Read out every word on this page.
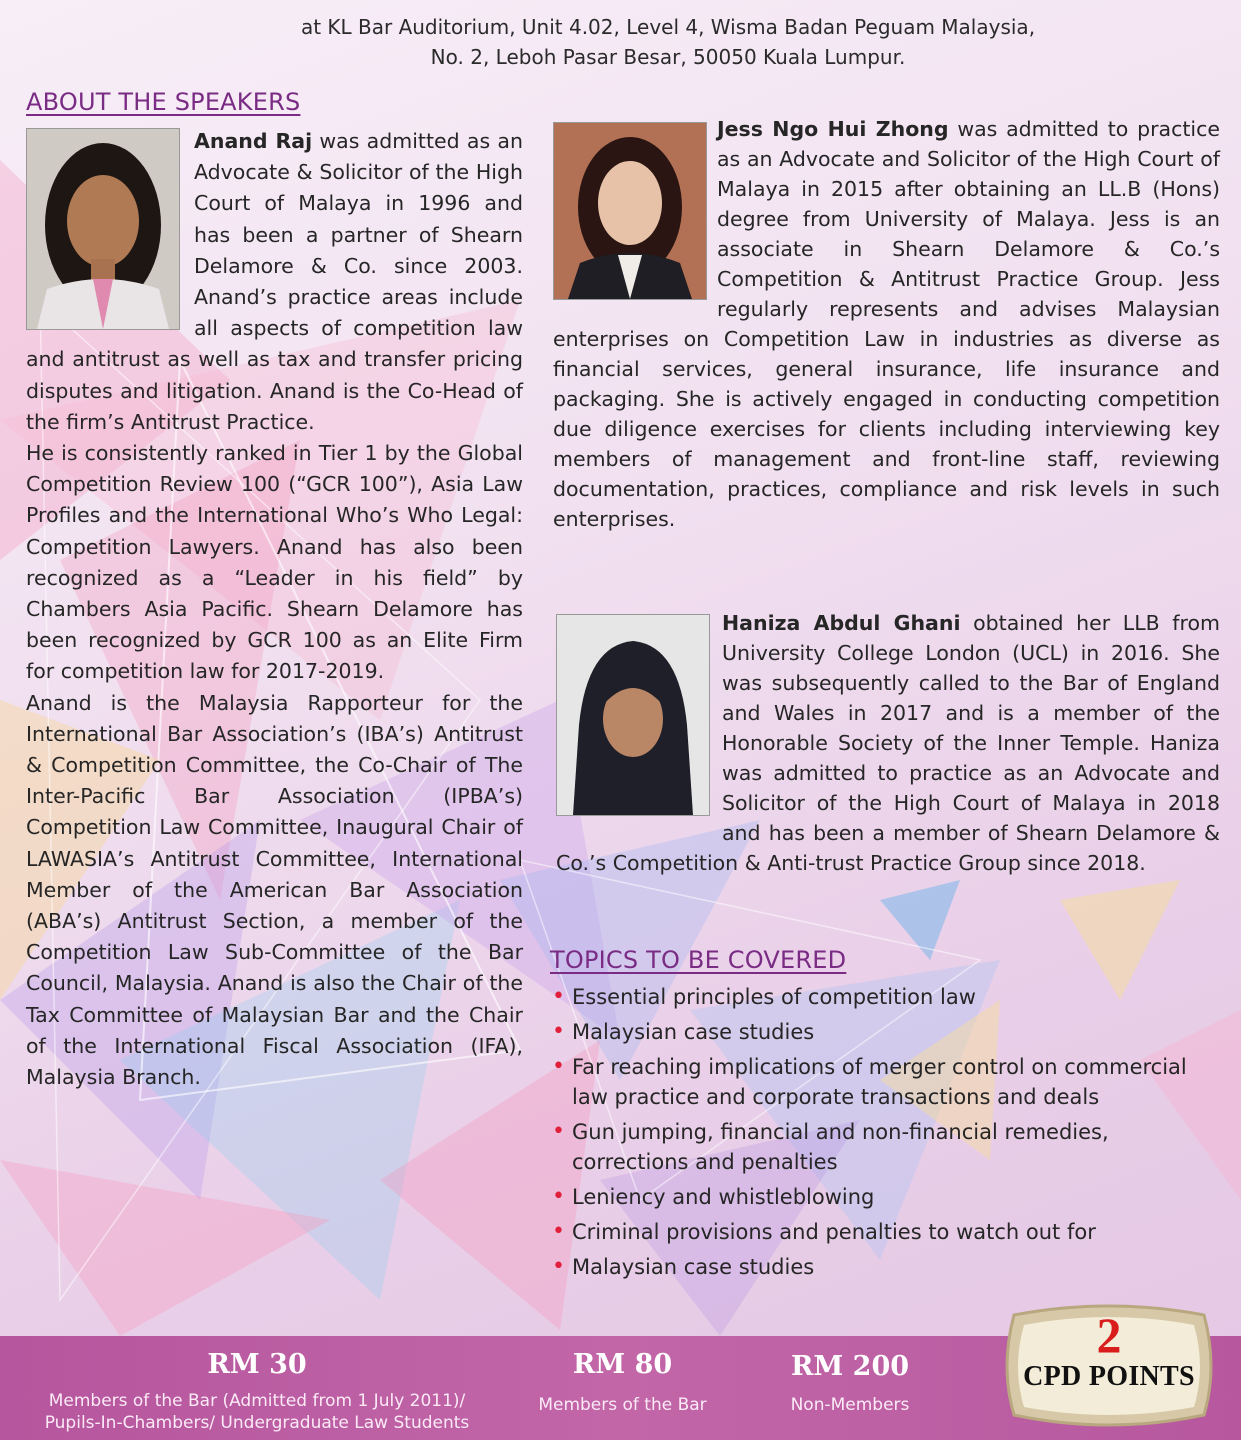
at KL Bar Auditorium, Unit 4.02, Level 4, Wisma Badan Peguam Malaysia,
No. 2, Leboh Pasar Besar, 50050 Kuala Lumpur.
ABOUT THE SPEAKERS
Anand Raj was admitted as an Advocate & Solicitor of the High Court of Malaya in 1996 and has been a partner of Shearn Delamore & Co. since 2003. Anand’s practice areas include all aspects of competition law and antitrust as well as tax and transfer pricing disputes and litigation. Anand is the Co-Head of the firm’s Antitrust Practice.
He is consistently ranked in Tier 1 by the Global Competition Review 100 (“GCR 100”), Asia Law Profiles and the International Who’s Who Legal: Competition Lawyers. Anand has also been recognized as a “Leader in his field” by Chambers Asia Pacific. Shearn Delamore has been recognized by GCR 100 as an Elite Firm for competition law for 2017-2019.
Anand is the Malaysia Rapporteur for the International Bar Association’s (IBA’s) Antitrust & Competition Committee, the Co-Chair of The Inter-Pacific Bar Association (IPBA’s) Competition Law Committee, Inaugural Chair of LAWASIA’s Antitrust Committee, International Member of the American Bar Association (ABA’s) Antitrust Section, a member of the Competition Law Sub-Committee of the Bar Council, Malaysia. Anand is also the Chair of the Tax Committee of Malaysian Bar and the Chair of the International Fiscal Association (IFA), Malaysia Branch.
Jess Ngo Hui Zhong was admitted to practice as an Advocate and Solicitor of the High Court of Malaya in 2015 after obtaining an LL.B (Hons) degree from University of Malaya. Jess is an associate in Shearn Delamore & Co.’s Competition & Antitrust Practice Group. Jess regularly represents and advises Malaysian enterprises on Competition Law in industries as diverse as financial services, general insurance, life insurance and packaging. She is actively engaged in conducting competition due diligence exercises for clients including interviewing key members of management and front-line staff, reviewing documentation, practices, compliance and risk levels in such enterprises.
Haniza Abdul Ghani obtained her LLB from University College London (UCL) in 2016. She was subsequently called to the Bar of England and Wales in 2017 and is a member of the Honorable Society of the Inner Temple. Haniza was admitted to practice as an Advocate and Solicitor of the High Court of Malaya in 2018 and has been a member of Shearn Delamore & Co.’s Competition & Anti-trust Practice Group since 2018.
TOPICS TO BE COVERED
• Essential principles of competition law
• Malaysian case studies
• Far reaching implications of merger control on commercial law practice and corporate transactions and deals
• Gun jumping, financial and non-financial remedies, corrections and penalties
• Leniency and whistleblowing
• Criminal provisions and penalties to watch out for
• Malaysian case studies
RM 30
Members of the Bar (Admitted from 1 July 2011)/
Pupils-In-Chambers/ Undergraduate Law Students
RM 80
Members of the Bar
RM 200
Non-Members
2
CPD POINTS
